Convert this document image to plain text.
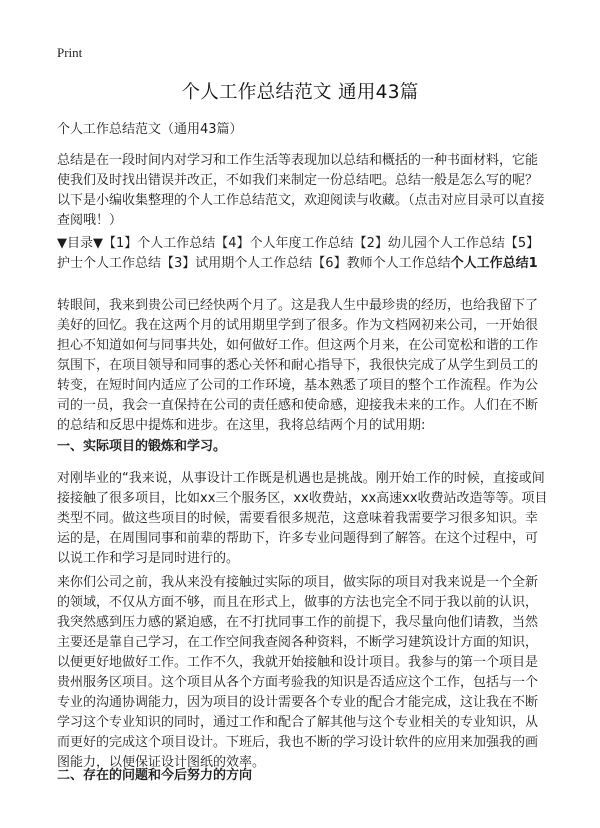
Print
个人工作总结范文 通用43篇
个人工作总结范文（通用43篇）
总结是在一段时间内对学习和工作生活等表现加以总结和概括的一种书面材料，它能使我们及时找出错误并改正，不如我们来制定一份总结吧。总结一般是怎么写的呢？以下是小编收集整理的个人工作总结范文，欢迎阅读与收藏。（点击对应目录可以直接查阅哦！）
▼目录▼【1】个人工作总结【4】个人年度工作总结【2】幼儿园个人工作总结【5】护士个人工作总结【3】试用期个人工作总结【6】教师个人工作总结个人工作总结1
转眼间，我来到贵公司已经快两个月了。这是我人生中最珍贵的经历，也给我留下了美好的回忆。我在这两个月的试用期里学到了很多。作为文档网初来公司，一开始很担心不知道如何与同事共处，如何做好工作。但这两个月来，在公司宽松和谐的工作氛围下，在项目领导和同事的悉心关怀和耐心指导下，我很快完成了从学生到员工的转变，在短时间内适应了公司的工作环境，基本熟悉了项目的整个工作流程。作为公司的一员，我会一直保持在公司的责任感和使命感，迎接我未来的工作。人们在不断的总结和反思中提炼和进步。在这里，我将总结两个月的试用期:
一、实际项目的锻炼和学习。
对刚毕业的“我来说，从事设计工作既是机遇也是挑战。刚开始工作的时候，直接或间接接触了很多项目，比如xx三个服务区，xx收费站，xx高速xx收费站改造等等。项目类型不同。做这些项目的时候，需要看很多规范，这意味着我需要学习很多知识。幸运的是，在周围同事和前辈的帮助下，许多专业问题得到了解答。在这个过程中，可以说工作和学习是同时进行的。
来你们公司之前，我从来没有接触过实际的项目，做实际的项目对我来说是一个全新的领域，不仅从方面不够，而且在形式上，做事的方法也完全不同于我以前的认识，我突然感到压力感的紧迫感，在不打扰同事工作的前提下，我尽量向他们请教，当然主要还是靠自己学习，在工作空间我查阅各种资料，不断学习建筑设计方面的知识，以便更好地做好工作。工作不久，我就开始接触和设计项目。我参与的第一个项目是贵州服务区项目。这个项目从各个方面考验我的知识是否适应这个工作，包括与一个专业的沟通协调能力，因为项目的设计需要各个专业的配合才能完成，这让我在不断学习这个专业知识的同时，通过工作和配合了解其他与这个专业相关的专业知识，从而更好的完成这个项目设计。下班后，我也不断的学习设计软件的应用来加强我的画图能力，以便保证设计图纸的效率。
二、存在的问题和今后努力的方向
